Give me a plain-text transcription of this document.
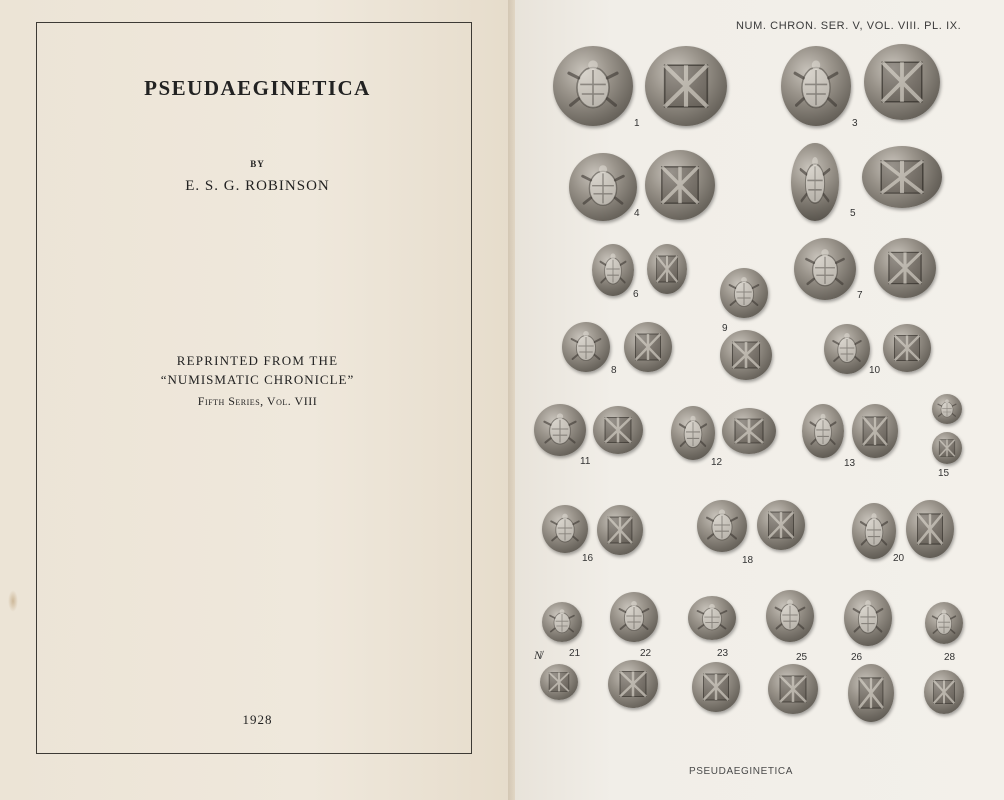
PSEUDAEGINETICA
BY
E. S. G. ROBINSON
REPRINTED FROM THE
“NUMISMATIC CHRONICLE”
Fifth Series, Vol. VIII
1928
NUM. CHRON. SER. V, VOL. VIII. PL. IX.
1	3
4	5
6	7
9
8	10
11	12	13
15
16	18	20
21	22	23	25	26	28
N̸
PSEUDAEGINETICA
